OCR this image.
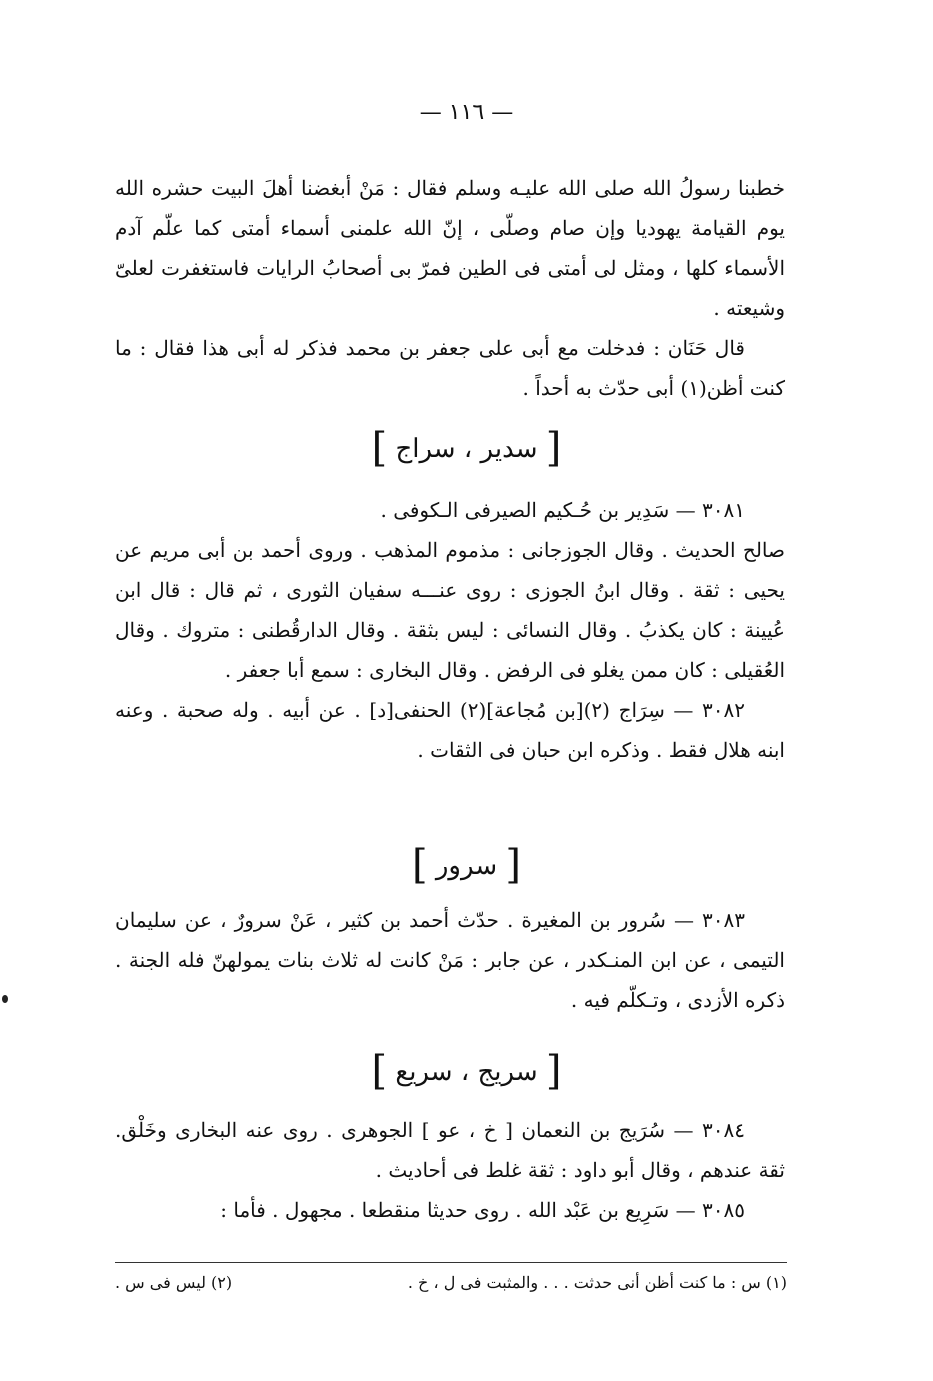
— ١١٦ —

خطبنا رسولُ الله صلى الله عليـه وسلم فقال : مَنْ أبغضنا أهلَ البيت حشره الله يوم القيامة يهوديا وإن صام وصلّى ، إنّ الله علمنى أسماء أمتى كما علّم آدم الأسماء كلها ، ومثل لى أمتى فى الطين فمرّ بى أصحابُ الرايات فاستغفرت لعلىّ وشيعته .

قال حَنَان : فدخلت مع أبى على جعفر بن محمد فذكر له أبى هذا فقال : ما كنت أظن(١) أبى حدّث به أحداً .

[ سدير ، سراج ]

٣٠٨١ — سَدِير بن حُـكيم الصيرفى الـكوفى .

صالح الحديث . وقال الجوزجانى : مذموم المذهب . وروى أحمد بن أبى مريم عن يحيى : ثقة . وقال ابنُ الجوزى : روى عنـــه سفيان الثورى ، ثم قال : قال ابن عُيينة : كان يكذبُ . وقال النسائى : ليس بثقة . وقال الدارقُطنى : متروك . وقال العُقيلى : كان ممن يغلو فى الرفض . وقال البخارى : سمع أبا جعفر .

٣٠٨٢ — سِرَاج (٢)[بن مُجاعة](٢) الحنفى[د] . عن أبيه . وله صحبة . وعنه ابنه هلال فقط . وذكره ابن حبان فى الثقات .

[ سرور ]

٣٠٨٣ — سُرور بن المغيرة . حدّث أحمد بن كثير ، عَنْ سرورٌ ، عن سليمان التيمى ، عن ابن المنـكدر ، عن جابر : مَنْ كانت له ثلاث بنات يمولهنّ فله الجنة . ذكره الأزدى ، وتـكلّم فيه .

[ سريج ، سريع ]

٣٠٨٤ — سُرَيج بن النعمان [ خ ، عو ] الجوهرى . روى عنه البخارى وخَلْق. ثقة عندهم ، وقال أبو داود : ثقة غلط فى أحاديث .

٣٠٨٥ — سَرِيع بن عَبْد الله . روى حديثا منقطعا . مجهول . فأما :

(١) س : ما كنت أظن أنى حدثت . . . والمثبت فى ل ، خ .
(٢) ليس فى س .
